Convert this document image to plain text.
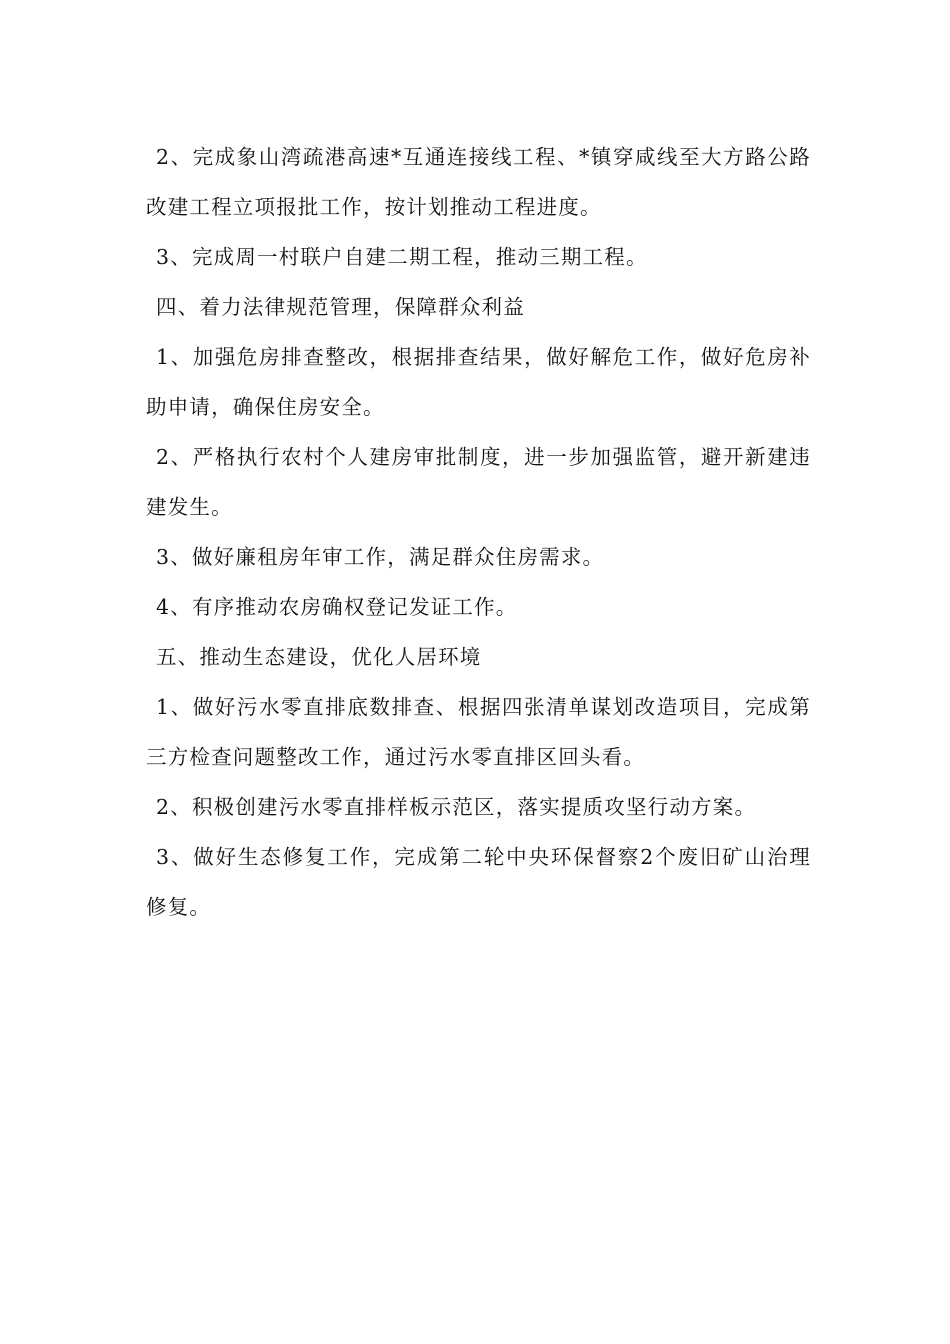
2、完成象山湾疏港高速*互通连接线工程、*镇穿咸线至大方路公路改建工程立项报批工作，按计划推动工程进度。

3、完成周一村联户自建二期工程，推动三期工程。

四、着力法律规范管理，保障群众利益

1、加强危房排查整改，根据排查结果，做好解危工作，做好危房补助申请，确保住房安全。

2、严格执行农村个人建房审批制度，进一步加强监管，避开新建违建发生。

3、做好廉租房年审工作，满足群众住房需求。

4、有序推动农房确权登记发证工作。

五、推动生态建设，优化人居环境

1、做好污水零直排底数排查、根据四张清单谋划改造项目，完成第三方检查问题整改工作，通过污水零直排区回头看。

2、积极创建污水零直排样板示范区，落实提质攻坚行动方案。

3、做好生态修复工作，完成第二轮中央环保督察2个废旧矿山治理修复。
